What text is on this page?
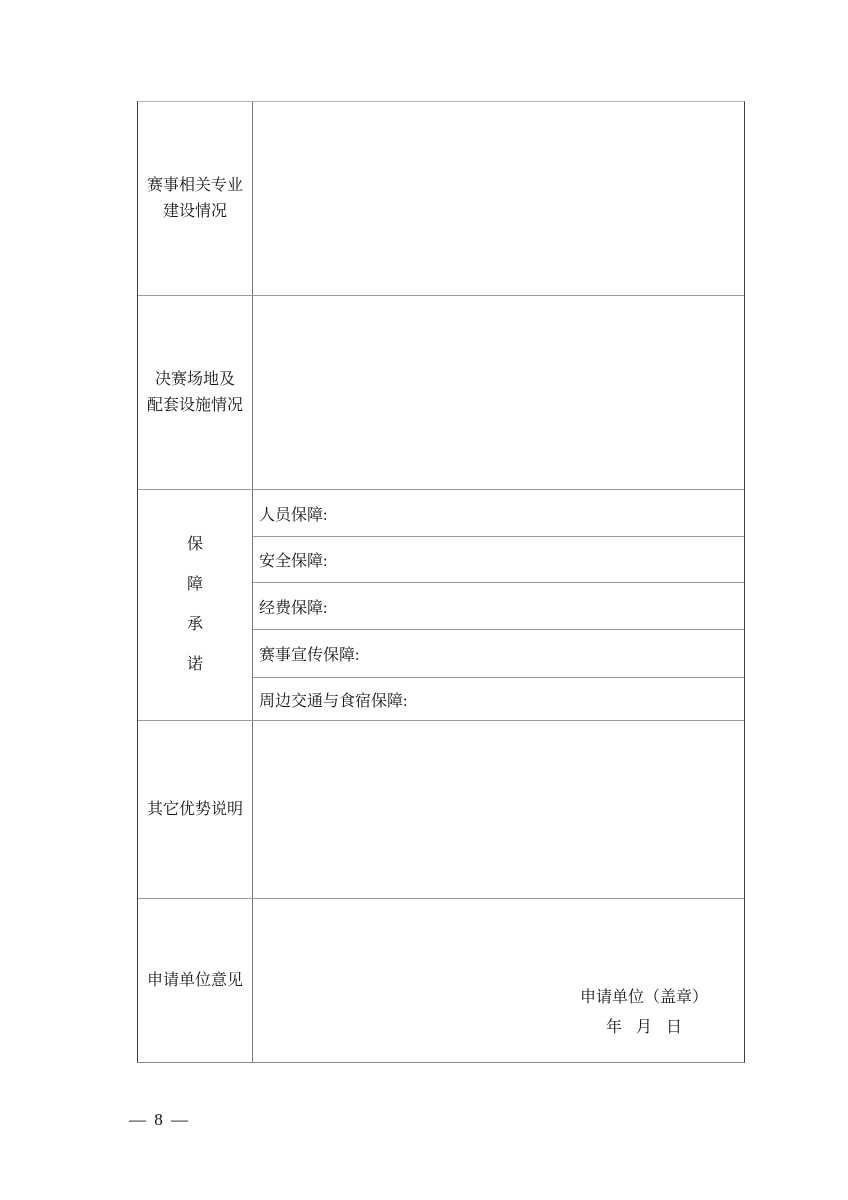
赛事相关专业
建设情况
决赛场地及
配套设施情况
保
障
承
诺
人员保障:
安全保障:
经费保障:
赛事宣传保障:
周边交通与食宿保障:
其它优势说明
申请单位意见
申请单位（盖章）
年 月 日
— 8 —
